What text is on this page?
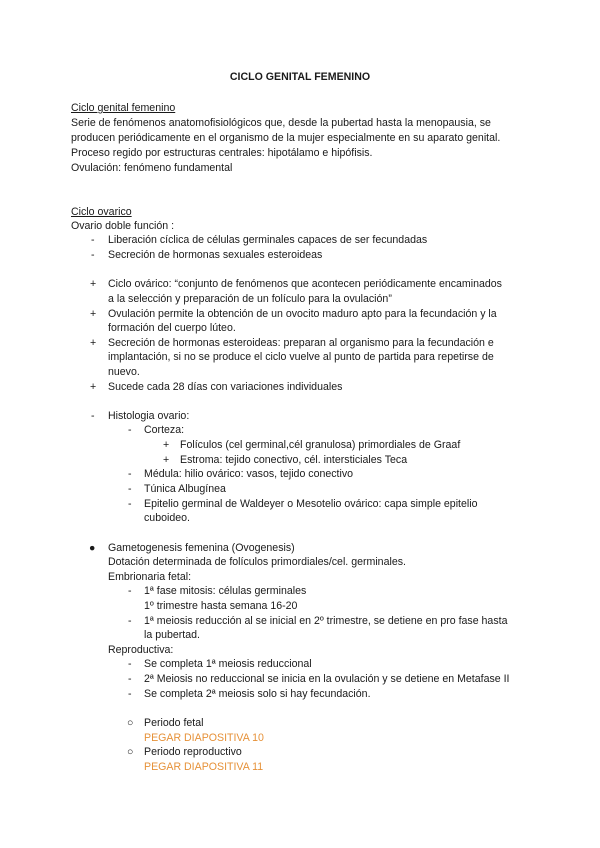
CICLO GENITAL FEMENINO
Ciclo genital femenino
Serie de fenómenos anatomofisiológicos que, desde la pubertad hasta la menopausia, se
producen periódicamente en el organismo de la mujer especialmente en su aparato genital.
Proceso regido por estructuras centrales: hipotálamo e hipófisis.
Ovulación: fenómeno fundamental
Ciclo ovarico
Ovario doble función :
- Liberación cíclica de células germinales capaces de ser fecundadas
- Secreción de hormonas sexuales esteroideas
+ Ciclo ovárico: “conjunto de fenómenos que acontecen periódicamente encaminados
a la selección y preparación de un folículo para la ovulación”
+ Ovulación permite la obtención de un ovocito maduro apto para la fecundación y la
formación del cuerpo lúteo.
+ Secreción de hormonas esteroideas: preparan al organismo para la fecundación e
implantación, si no se produce el ciclo vuelve al punto de partida para repetirse de
nuevo.
+ Sucede cada 28 días con variaciones individuales
- Histologia ovario:
- Corteza:
+ Folículos (cel germinal,cél granulosa) primordiales de Graaf
+ Estroma: tejido conectivo, cél. intersticiales Teca
- Médula: hilio ovárico: vasos, tejido conectivo
- Túnica Albugínea
- Epitelio germinal de Waldeyer o Mesotelio ovárico: capa simple epitelio
cuboideo.
● Gametogenesis femenina (Ovogenesis)
Dotación determinada de folículos primordiales/cel. germinales.
Embrionaria fetal:
- 1ª fase mitosis: células germinales
1º trimestre hasta semana 16-20
- 1ª meiosis reducción al se inicial en 2º trimestre, se detiene en pro fase hasta
la pubertad.
Reproductiva:
- Se completa 1ª meiosis reduccional
- 2ª Meiosis no reduccional se inicia en la ovulación y se detiene en Metafase II
- Se completa 2ª meiosis solo si hay fecundación.
○ Periodo fetal
PEGAR DIAPOSITIVA 10
○ Periodo reproductivo
PEGAR DIAPOSITIVA 11
